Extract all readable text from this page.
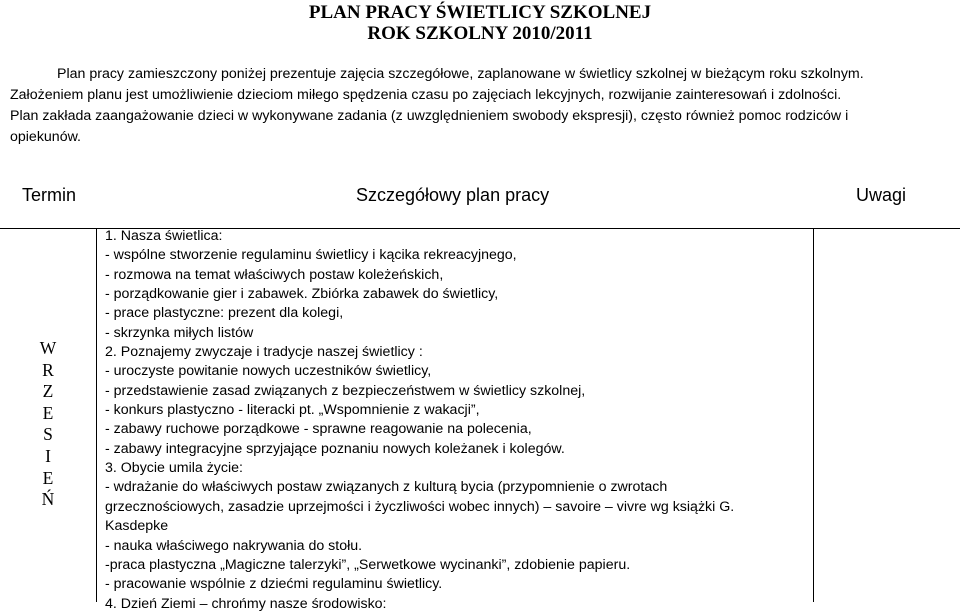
PLAN PRACY ŚWIETLICY SZKOLNEJ
ROK SZKOLNY 2010/2011
Plan pracy zamieszczony poniżej prezentuje zajęcia szczegółowe, zaplanowane w świetlicy szkolnej w bieżącym roku szkolnym.
Założeniem planu jest umożliwienie dzieciom miłego spędzenia czasu po zajęciach lekcyjnych, rozwijanie zainteresowań i zdolności.
Plan zakłada zaangażowanie dzieci w wykonywane zadania (z uwzględnieniem swobody ekspresji), często również pomoc rodziców i
opiekunów.
Termin	Szczegółowy plan pracy	Uwagi
W
R
Z
E
S
I
E
Ń
1. Nasza świetlica:
- wspólne stworzenie regulaminu świetlicy i kącika rekreacyjnego,
- rozmowa na temat właściwych postaw koleżeńskich,
- porządkowanie gier i zabawek. Zbiórka zabawek do świetlicy,
- prace plastyczne: prezent dla kolegi,
- skrzynka miłych listów
2. Poznajemy zwyczaje i tradycje naszej świetlicy :
- uroczyste powitanie nowych uczestników świetlicy,
- przedstawienie zasad związanych z bezpieczeństwem w świetlicy szkolnej,
- konkurs plastyczno - literacki pt. „Wspomnienie z wakacji”,
- zabawy ruchowe porządkowe - sprawne reagowanie na polecenia,
- zabawy integracyjne sprzyjające poznaniu nowych koleżanek i kolegów.
3. Obycie umila życie:
- wdrażanie do właściwych postaw związanych z kulturą bycia (przypomnienie o zwrotach
grzecznościowych, zasadzie uprzejmości i życzliwości wobec innych) – savoire – vivre wg książki G.
Kasdepke
- nauka właściwego nakrywania do stołu.
-praca plastyczna „Magiczne talerzyki”, „Serwetkowe wycinanki”, zdobienie papieru.
- pracowanie wspólnie z dziećmi regulaminu świetlicy.
4. Dzień Ziemi – chrońmy nasze środowisko:
